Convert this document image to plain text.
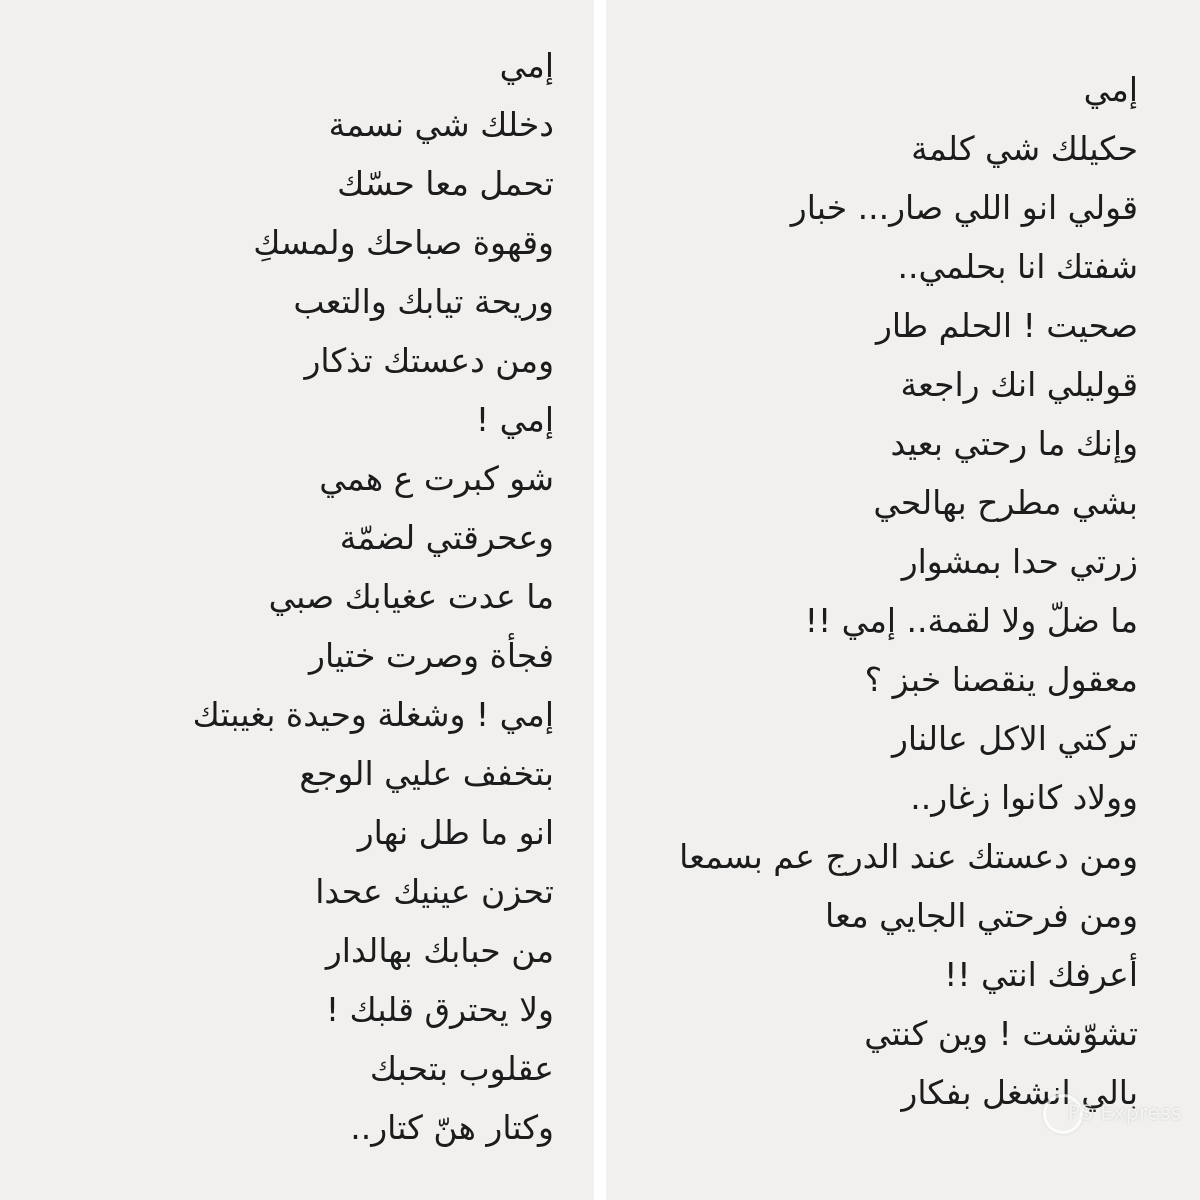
إمي
دخلك شي نسمة
تحمل معا حسّك
وقهوة صباحك ولمسكِ
وريحة تيابك والتعب
ومن دعستك تذكار
إمي !
شو كبرت ع همي
وعحرقتي لضمّة
ما عدت عغيابك صبي
فجأة وصرت ختيار
إمي ! وشغلة وحيدة بغيبتك
بتخفف عليي الوجع
انو ما طل نهار
تحزن عينيك عحدا
من حبابك بهالدار
ولا يحترق قلبك !
عقلوب بتحبك
وكتار هنّ كتار..
إمي
حكيلك شي كلمة
قولي انو اللي صار... خبار
شفتك انا بحلمي..
صحيت ! الحلم طار
قوليلي انك راجعة
وإنك ما رحتي بعيد
بشي مطرح بهالحي
زرتي حدا بمشوار
ما ضلّ ولا لقمة.. إمي !!
معقول ينقصنا خبز ؟
تركتي الاكل عالنار
وولاد كانوا زغار..
ومن دعستك عند الدرج عم بسمعا
ومن فرحتي الجايي معا
أعرفك انتي !!
تشوّشت ! وين كنتي
بالي انشغل بفكار
PS Express
